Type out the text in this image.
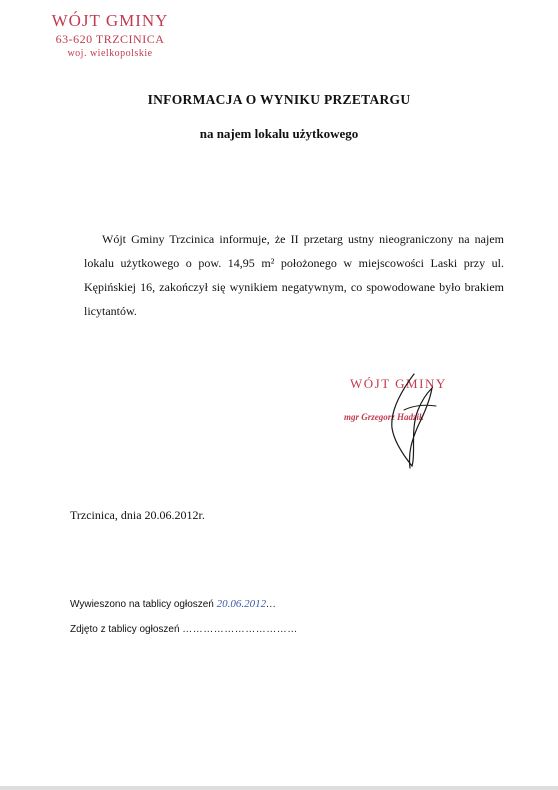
WÓJT GMINY
63-620 TRZCINICA
woj. wielkopolskie
INFORMACJA O WYNIKU PRZETARGU
na najem lokalu użytkowego
Wójt Gminy Trzcinica informuje, że II przetarg ustny nieograniczony na najem lokalu użytkowego o pow. 14,95 m² położonego w miejscowości Laski przy ul. Kępińskiej 16, zakończył się wynikiem negatywnym, co spowodowane było brakiem licytantów.
WÓJT GMINY
mgr Grzegorz Hadzik
Trzcinica, dnia 20.06.2012r.
Wywieszono na tablicy ogłoszeń 20.06.2012...
Zdjęto z tablicy ogłoszeń ……………………………
